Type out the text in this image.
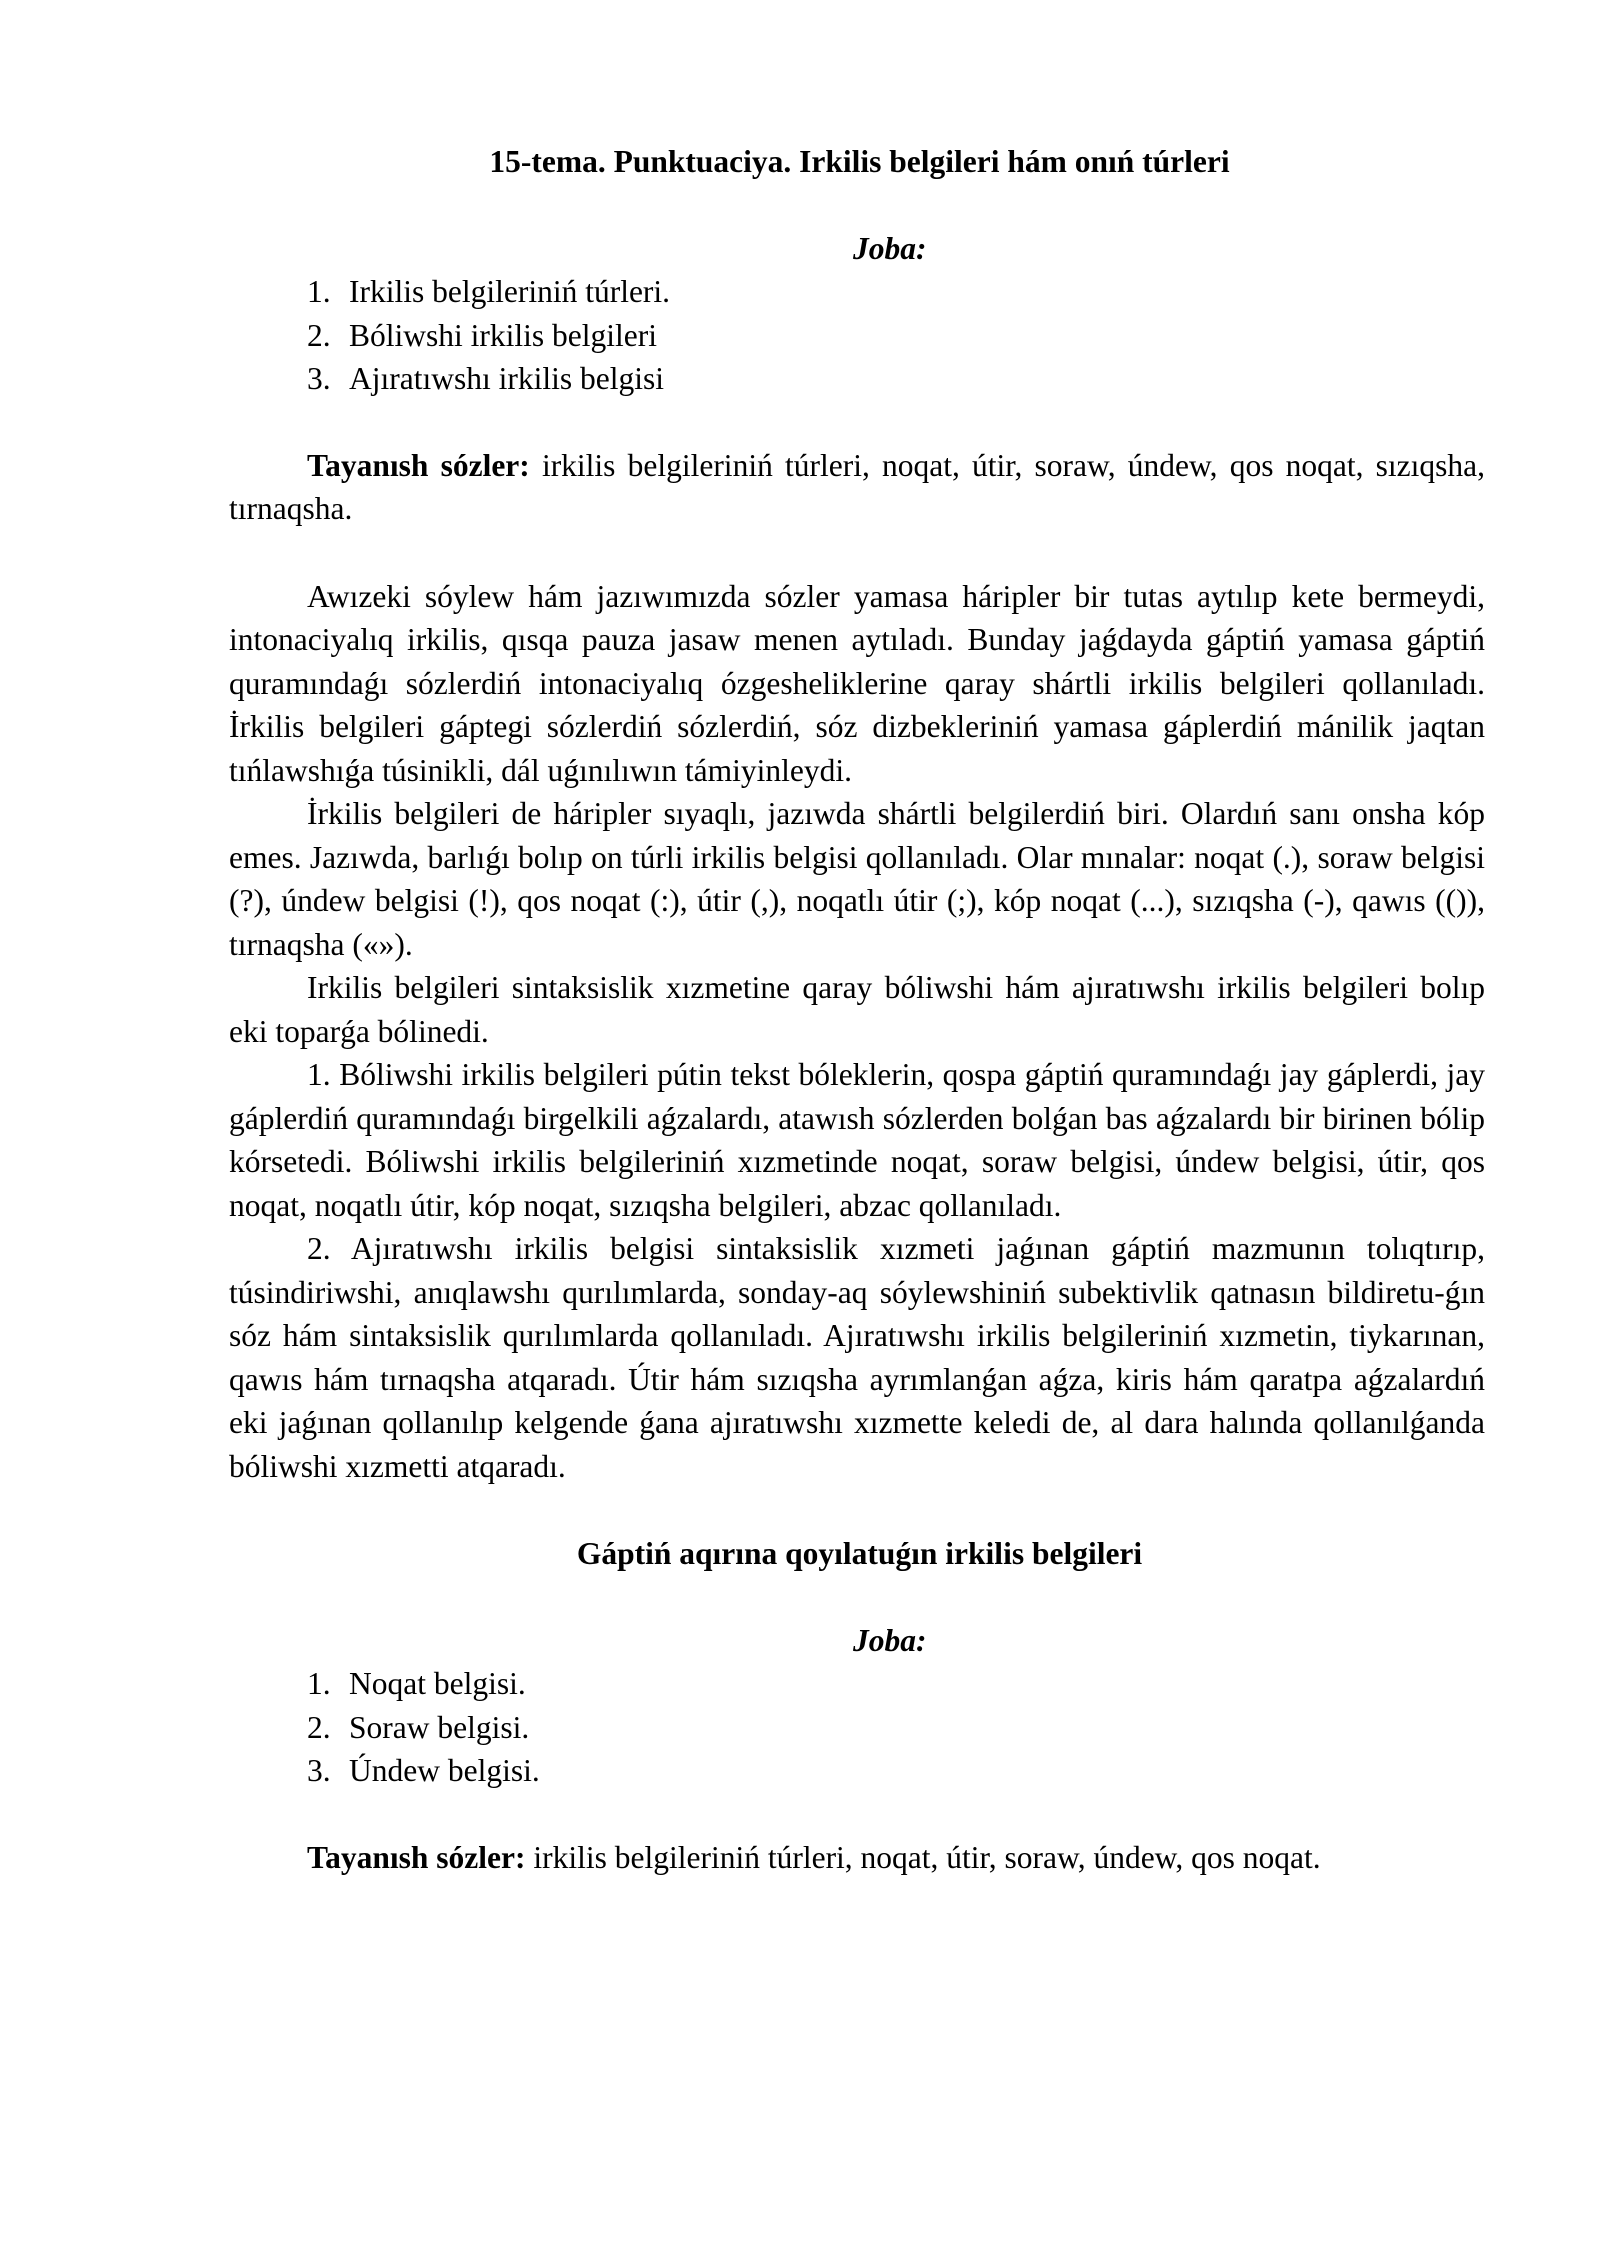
15-tema. Punktuaciya. Irkilis belgileri hám onıń túrleri
Joba:
1. Irkilis belgileriniń túrleri.
2. Bóliwshi irkilis belgileri
3. Ajıratıwshı irkilis belgisi

Tayanısh sózler: irkilis belgileriniń túrleri, noqat, útir, soraw, úndew, qos noqat, sızıqsha, tırnaqsha.

Awızeki sóylew hám jazıwımızda sózler yamasa háripler bir tutas aytılıp kete bermeydi, intonaciyalıq irkilis, qısqa pauza jasaw menen aytıladı. Bunday jaǵdayda gáptiń yamasa gáptiń quramındaǵı sózlerdiń intonaciyalıq ózgesheliklerine qaray shártli irkilis belgileri qollanıladı. İrkilis belgileri gáptegi sózlerdiń sózlerdiń, sóz dizbekleriniń yamasa gáplerdiń mánilik jaqtan tıńlawshıǵa túsinikli, dál uǵınılıwın támiyinleydi.

İrkilis belgileri de háripler sıyaqlı, jazıwda shártli belgilerdiń biri. Olardıń sanı onsha kóp emes. Jazıwda, barlıǵı bolıp on túrli irkilis belgisi qollanıladı. Olar mınalar: noqat (.), soraw belgisi (?), úndew belgisi (!), qos noqat (:), útir (,), noqatlı útir (;), kóp noqat (...), sızıqsha (-), qawıs (()), tırnaqsha («»).

Irkilis belgileri sintaksislik xızmetine qaray bóliwshi hám ajıratıwshı irkilis belgileri bolıp eki toparǵa bólinedi.

1. Bóliwshi irkilis belgileri pútin tekst bóleklerin, qospa gáptiń quramındaǵı jay gáplerdi, jay gáplerdiń quramındaǵı birgelkili aǵzalardı, atawısh sózlerden bolǵan bas aǵzalardı bir birinen bólip kórsetedi. Bóliwshi irkilis belgileriniń xızmetinde noqat, soraw belgisi, úndew belgisi, útir, qos noqat, noqatlı útir, kóp noqat, sızıqsha belgileri, abzac qollanıladı.

2. Ajıratıwshı irkilis belgisi sintaksislik xızmeti jaǵınan gáptiń mazmunın tolıqtırıp, túsindiriwshi, anıqlawshı qurılımlarda, sonday-aq sóylewshiniń subektivlik qatnasın bildiretu-ǵın sóz hám sintaksislik qurılımlarda qollanıladı. Ajıratıwshı irkilis belgileriniń xızmetin, tiykarınan, qawıs hám tırnaqsha atqaradı. Útir hám sızıqsha ayrımlanǵan aǵza, kiris hám qaratpa aǵzalardıń eki jaǵınan qollanılıp kelgende ǵana ajıratıwshı xızmette keledi de, al dara halında qollanılǵanda bóliwshi xızmetti atqaradı.

Gáptiń aqırına qoyılatuǵın irkilis belgileri
Joba:
1. Noqat belgisi.
2. Soraw belgisi.
3. Úndew belgisi.

Tayanısh sózler: irkilis belgileriniń túrleri, noqat, útir, soraw, úndew, qos noqat.
